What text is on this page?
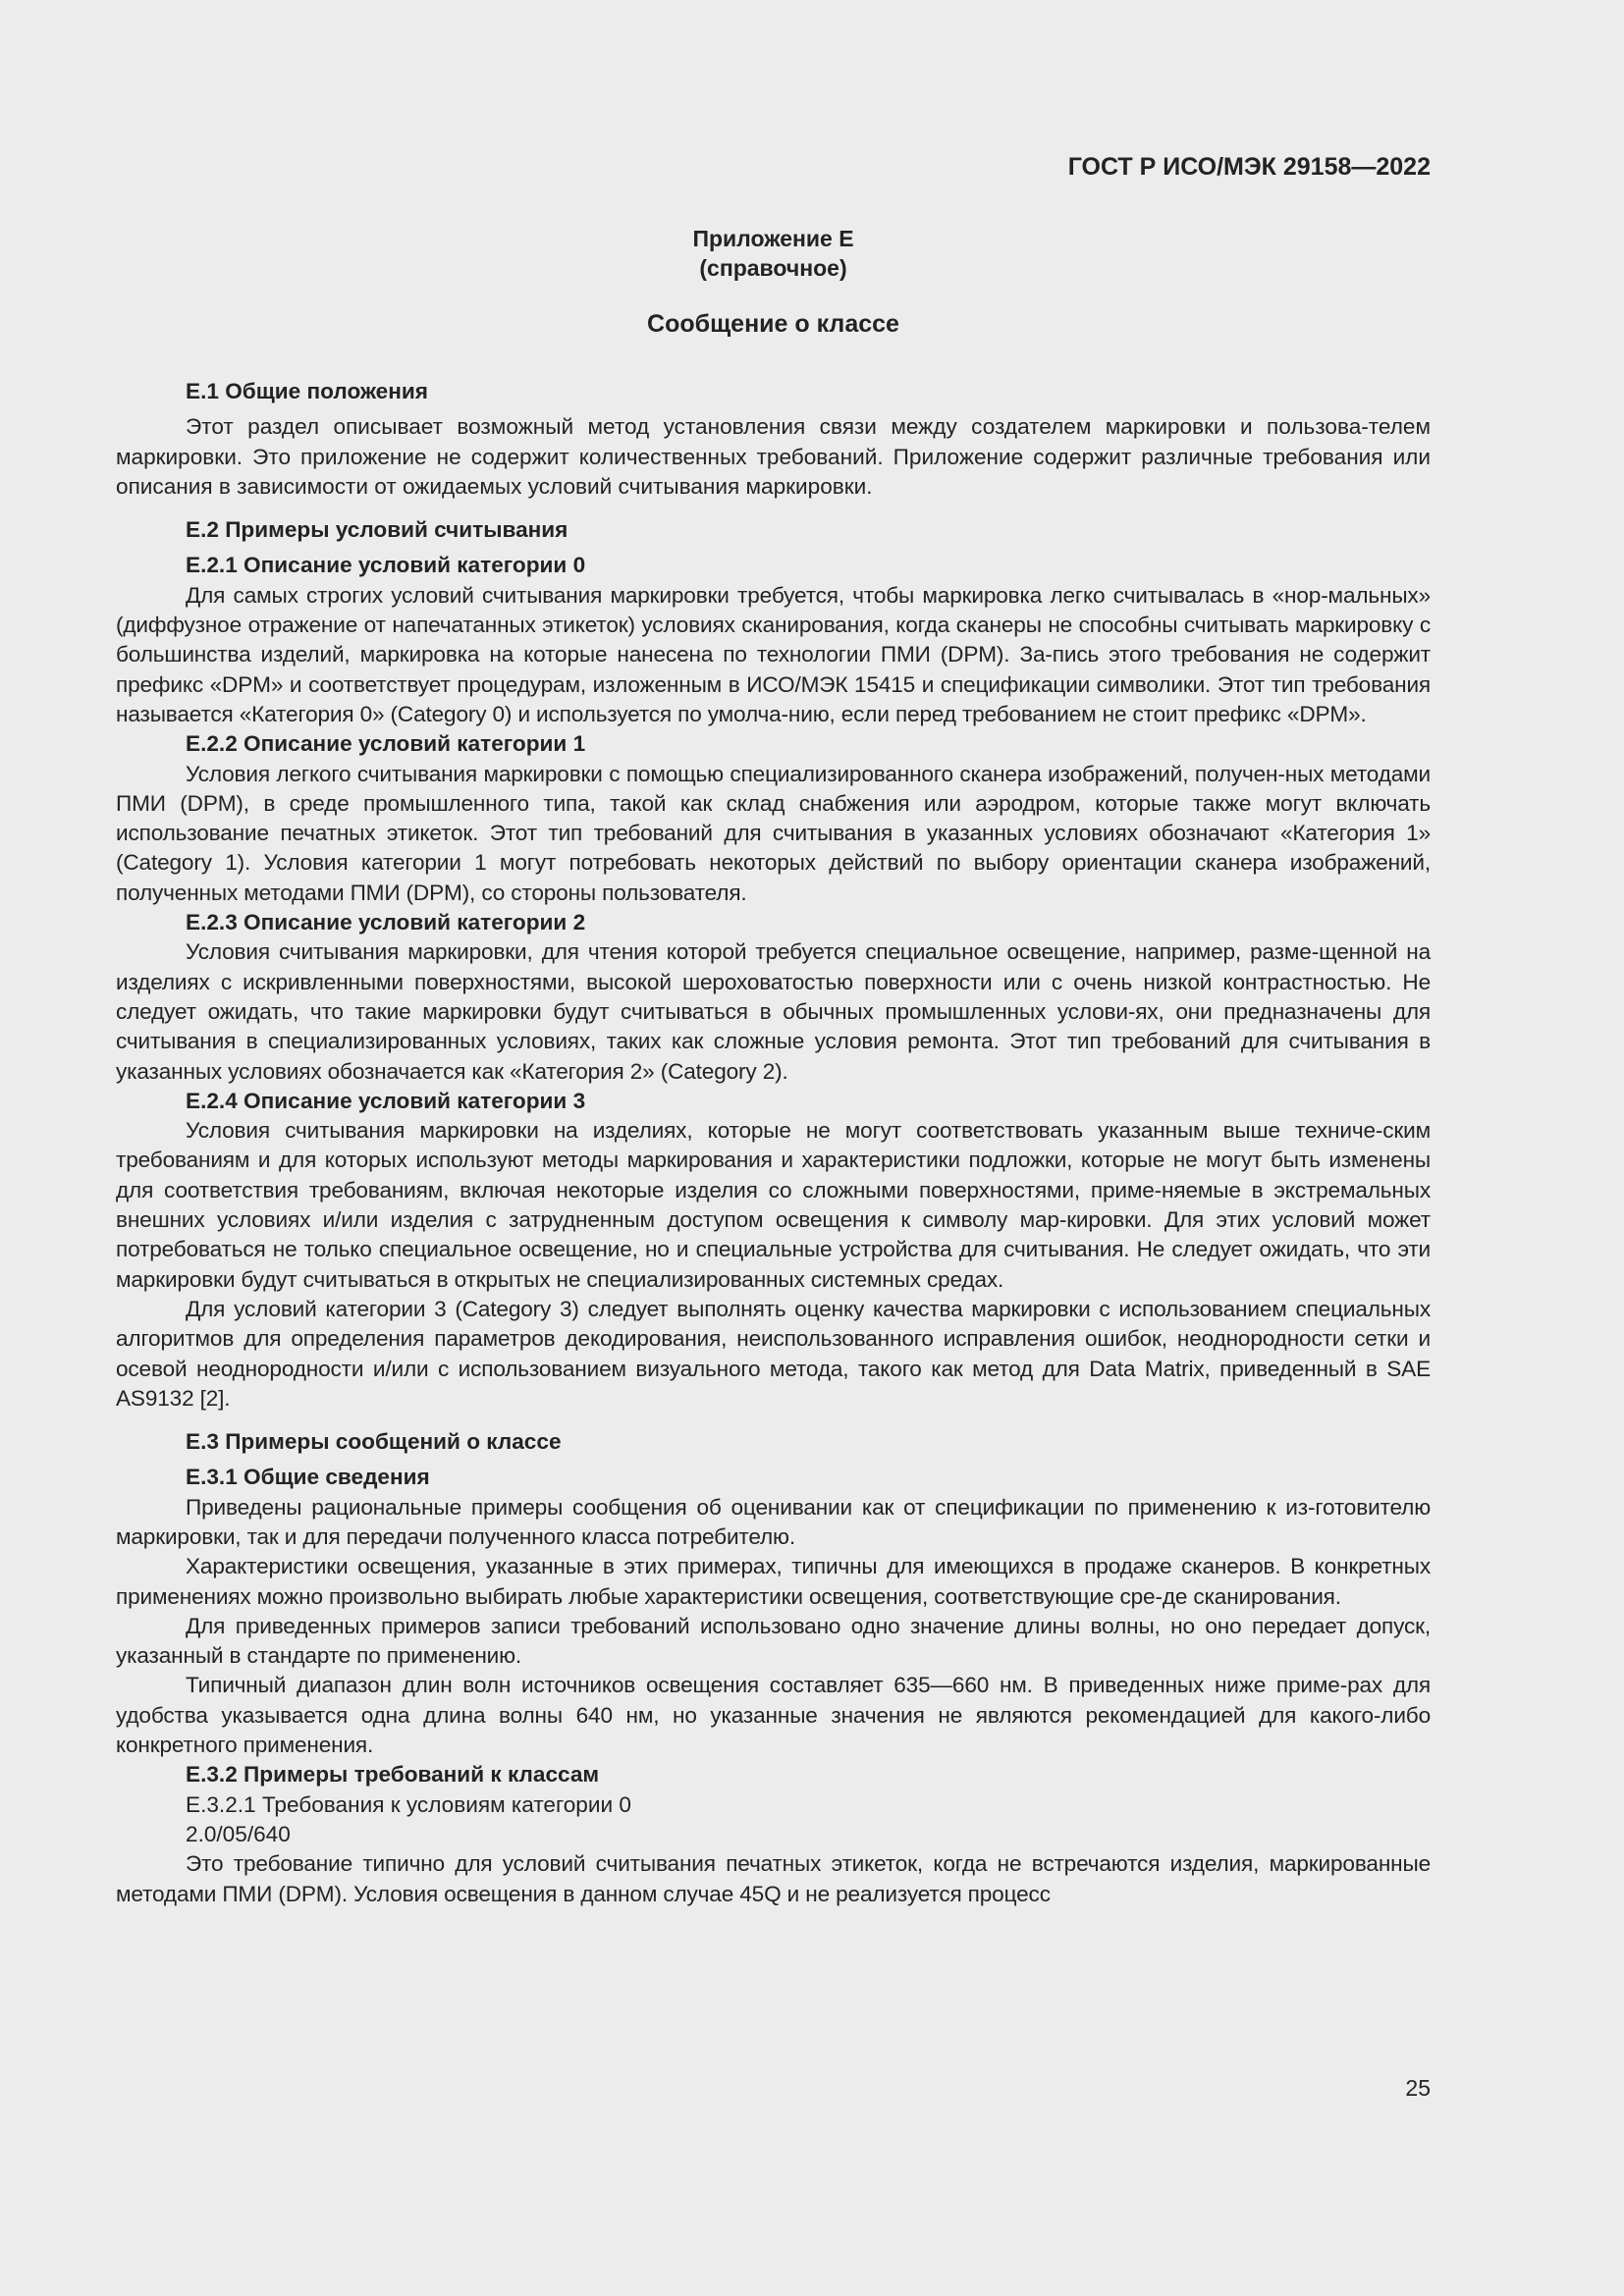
ГОСТ Р ИСО/МЭК 29158—2022
Приложение Е
(справочное)
Сообщение о классе
Е.1 Общие положения

Этот раздел описывает возможный метод установления связи между создателем маркировки и пользова-телем маркировки. Это приложение не содержит количественных требований. Приложение содержит различные требования или описания в зависимости от ожидаемых условий считывания маркировки.

Е.2 Примеры условий считывания
Е.2.1 Описание условий категории 0

Для самых строгих условий считывания маркировки требуется, чтобы маркировка легко считывалась в «нор-мальных» (диффузное отражение от напечатанных этикеток) условиях сканирования, когда сканеры не способны считывать маркировку с большинства изделий, маркировка на которые нанесена по технологии ПМИ (DPM). За-пись этого требования не содержит префикс «DPM» и соответствует процедурам, изложенным в ИСО/МЭК 15415 и спецификации символики. Этот тип требования называется «Категория 0» (Category 0) и используется по умолча-нию, если перед требованием не стоит префикс «DPM».

Е.2.2 Описание условий категории 1

Условия легкого считывания маркировки с помощью специализированного сканера изображений, получен-ных методами ПМИ (DPM), в среде промышленного типа, такой как склад снабжения или аэродром, которые также могут включать использование печатных этикеток. Этот тип требований для считывания в указанных условиях обозначают «Категория 1» (Category 1). Условия категории 1 могут потребовать некоторых действий по выбору ориентации сканера изображений, полученных методами ПМИ (DPM), со стороны пользователя.

Е.2.3 Описание условий категории 2

Условия считывания маркировки, для чтения которой требуется специальное освещение, например, разме-щенной на изделиях с искривленными поверхностями, высокой шероховатостью поверхности или с очень низкой контрастностью. Не следует ожидать, что такие маркировки будут считываться в обычных промышленных услови-ях, они предназначены для считывания в специализированных условиях, таких как сложные условия ремонта. Этот тип требований для считывания в указанных условиях обозначается как «Категория 2» (Category 2).

Е.2.4 Описание условий категории 3

Условия считывания маркировки на изделиях, которые не могут соответствовать указанным выше техниче-ским требованиям и для которых используют методы маркирования и характеристики подложки, которые не могут быть изменены для соответствия требованиям, включая некоторые изделия со сложными поверхностями, приме-няемые в экстремальных внешних условиях и/или изделия с затрудненным доступом освещения к символу мар-кировки. Для этих условий может потребоваться не только специальное освещение, но и специальные устройства для считывания. Не следует ожидать, что эти маркировки будут считываться в открытых не специализированных системных средах.

Для условий категории 3 (Category 3) следует выполнять оценку качества маркировки с использованием специальных алгоритмов для определения параметров декодирования, неиспользованного исправления ошибок, неоднородности сетки и осевой неоднородности и/или с использованием визуального метода, такого как метод для Data Matrix, приведенный в SAE AS9132 [2].

Е.3 Примеры сообщений о классе
Е.3.1 Общие сведения

Приведены рациональные примеры сообщения об оценивании как от спецификации по применению к из-готовителю маркировки, так и для передачи полученного класса потребителю.

Характеристики освещения, указанные в этих примерах, типичны для имеющихся в продаже сканеров. В конкретных применениях можно произвольно выбирать любые характеристики освещения, соответствующие сре-де сканирования.

Для приведенных примеров записи требований использовано одно значение длины волны, но оно передает допуск, указанный в стандарте по применению.

Типичный диапазон длин волн источников освещения составляет 635—660 нм. В приведенных ниже приме-рах для удобства указывается одна длина волны 640 нм, но указанные значения не являются рекомендацией для какого-либо конкретного применения.

Е.3.2 Примеры требований к классам
Е.3.2.1 Требования к условиям категории 0
2.0/05/640

Это требование типично для условий считывания печатных этикеток, когда не встречаются изделия, маркированные методами ПМИ (DPM). Условия освещения в данном случае 45Q и не реализуется процесс

25
